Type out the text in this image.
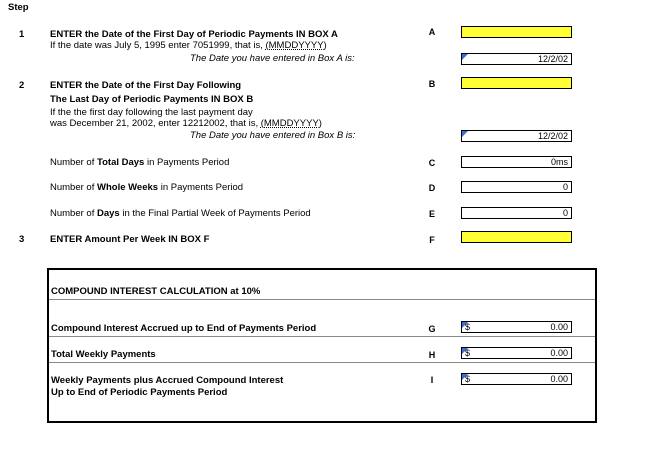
Step
1	ENTER the Date of the First Day of Periodic Payments IN BOX A
If the date was July 5, 1995 enter 7051999, that is, (MMDDYYYY)
The Date you have entered in Box A is:
A
12/2/02
2	ENTER the Date of the First Day Following
The Last Day of Periodic Payments IN BOX B
If the the first day following the last payment day
was December 21, 2002, enter 12212002, that is, (MMDDYYYY)
The Date you have entered in Box B is:
B
12/2/02
Number of Total Days in Payments Period	C	0ms
Number of Whole Weeks in Payments Period	D	0
Number of Days in the Final Partial Week of Payments Period	E	0
3	ENTER Amount Per Week IN BOX F	F
COMPOUND INTEREST CALCULATION at 10%
Compound Interest Accrued up to End of Payments Period	G	$	0.00
Total Weekly Payments	H	$	0.00
Weekly Payments plus Accrued Compound Interest
Up to End of Periodic Payments Period
I	$	0.00
